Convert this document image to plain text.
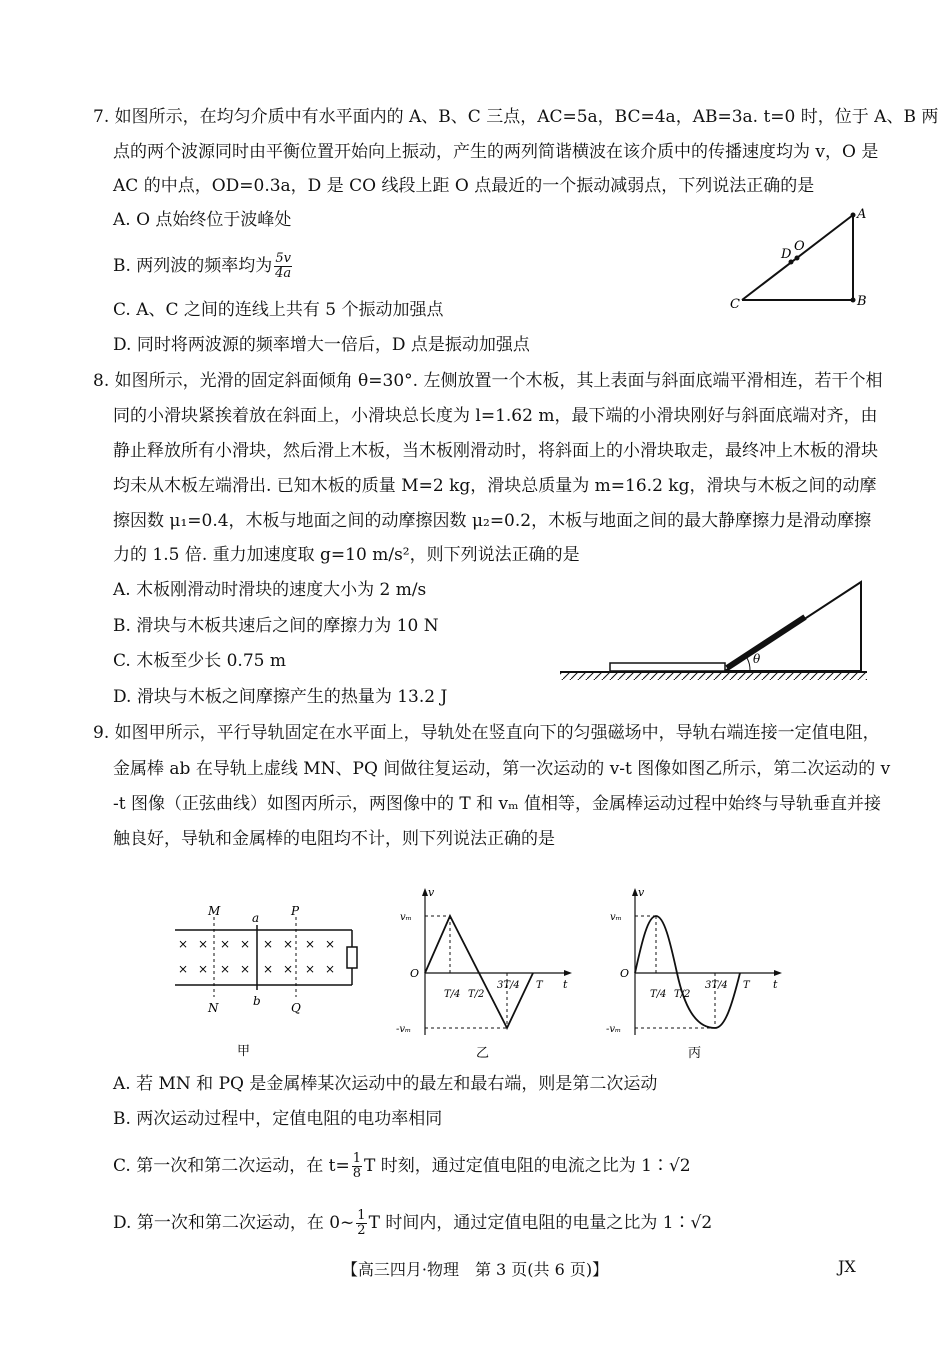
7. 如图所示，在均匀介质中有水平面内的 A、B、C 三点，AC=5a，BC=4a，AB=3a. t=0 时，位于 A、B 两
点的两个波源同时由平衡位置开始向上振动，产生的两列简谐横波在该介质中的传播速度均为 v，O 是
AC 的中点，OD=0.3a，D 是 CO 线段上距 O 点最近的一个振动减弱点，下列说法正确的是
A. O 点始终位于波峰处
B. 两列波的频率均为 $\frac{5v}{4a}$
C. A、C 之间的连线上共有 5 个振动加强点
D. 同时将两波源的频率增大一倍后，D 点是振动加强点
A
B
C
O
D
8. 如图所示，光滑的固定斜面倾角 θ=30°. 左侧放置一个木板，其上表面与斜面底端平滑相连，若干个相
同的小滑块紧挨着放在斜面上，小滑块总长度为 l=1.62 m，最下端的小滑块刚好与斜面底端对齐，由
静止释放所有小滑块，然后滑上木板，当木板刚滑动时，将斜面上的小滑块取走，最终冲上木板的滑块
均未从木板左端滑出. 已知木板的质量 M=2 kg，滑块总质量为 m=16.2 kg，滑块与木板之间的动摩
擦因数 μ₁=0.4，木板与地面之间的动摩擦因数 μ₂=0.2，木板与地面之间的最大静摩擦力是滑动摩擦
力的 1.5 倍. 重力加速度取 g=10 m/s²，则下列说法正确的是
A. 木板刚滑动时滑块的速度大小为 2 m/s
B. 滑块与木板共速后之间的摩擦力为 10 N
C. 木板至少长 0.75 m
D. 滑块与木板之间摩擦产生的热量为 13.2 J
θ
9. 如图甲所示，平行导轨固定在水平面上，导轨处在竖直向下的匀强磁场中，导轨右端连接一定值电阻，
金属棒 ab 在导轨上虚线 MN、PQ 间做往复运动，第一次运动的 v-t 图像如图乙所示，第二次运动的 v
-t 图像（正弦曲线）如图丙所示，两图像中的 T 和 vₘ 值相等，金属棒运动过程中始终与导轨垂直并接
触良好，导轨和金属棒的电阻均不计，则下列说法正确的是
× × × × × × × ×
× × × × × × × ×
M
N
a
b
P
Q
甲
vₘ
-vₘ
O
v
t
T/4 T/2
3T/4 T
乙
vₘ
-vₘ
O
v
t
T/4 T/2
3T/4 T
丙
A. 若 MN 和 PQ 是金属棒某次运动中的最左和最右端，则是第二次运动
B. 两次运动过程中，定值电阻的电功率相同
C. 第一次和第二次运动，在 $t= \frac{1}{8}$ T 时刻，通过定值电阻的电流之比为 1∶√2
D. 第一次和第二次运动，在 0~ $\frac{1}{2}$ T 时间内，通过定值电阻的电量之比为 1∶√2
【高三四月·物理　第 3 页(共 6 页)】	JX
